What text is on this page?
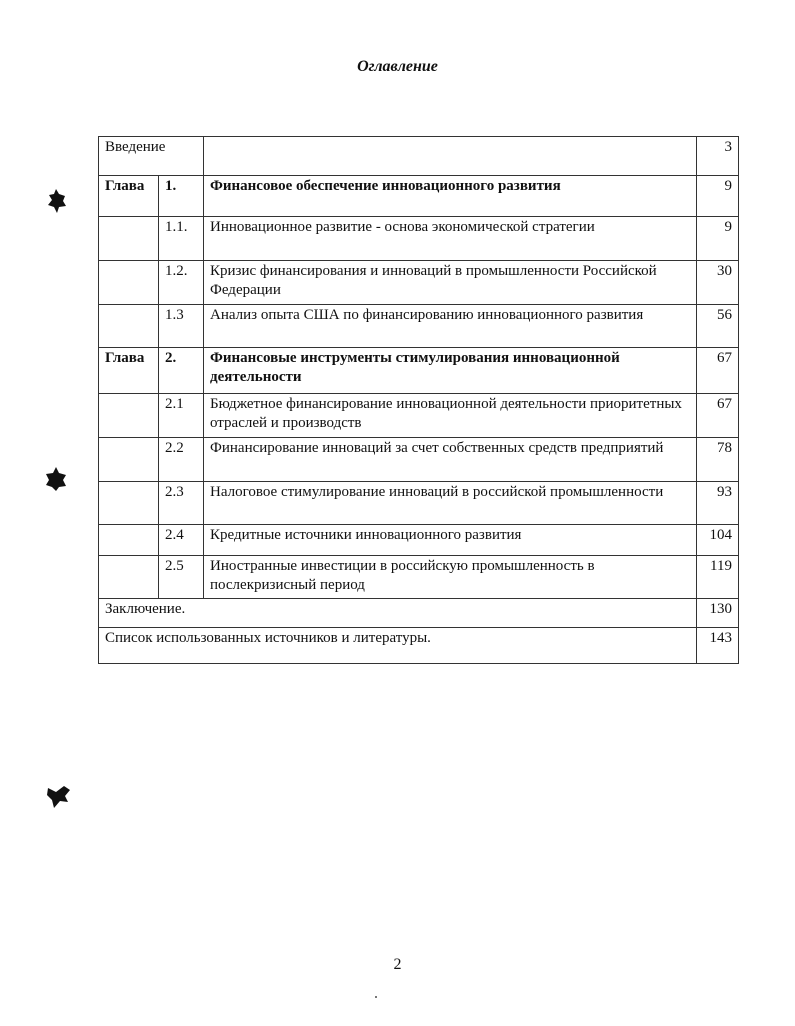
Оглавление
Введение			3
Глава	1.	Финансовое обеспечение инновационного развития	9
	1.1.	Инновационное развитие - основа экономической стратегии	9
	1.2.	Кризис финансирования и инноваций в промышленности Российской Федерации	30
	1.3	Анализ опыта США по финансированию инновационного развития	56
Глава	2.	Финансовые инструменты стимулирования инновационной деятельности	67
	2.1	Бюджетное финансирование инновационной деятельности приоритетных отраслей и производств	67
	2.2	Финансирование инноваций за счет собственных средств предприятий	78
	2.3	Налоговое стимулирование инноваций в российской промышленности	93
	2.4	Кредитные источники инновационного развития	104
	2.5	Иностранные инвестиции в российскую промышленность в послекризисный период	119
Заключение.			130
Список использованных источников и литературы.			143
2
